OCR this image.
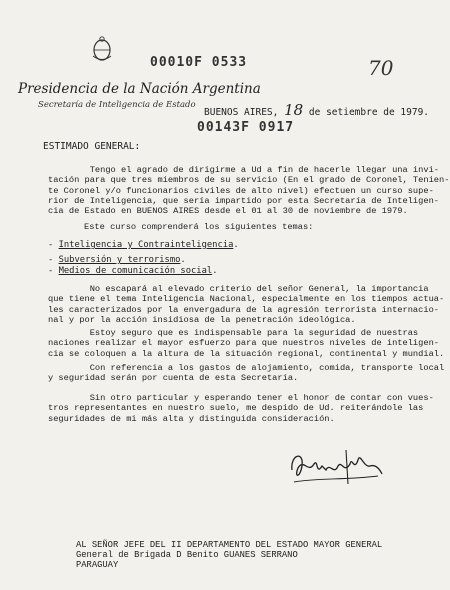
00010F 0533	70
Presidencia de la Nación Argentina
Secretaría de Inteligencia de Estado
BUENOS AIRES, 18 de setiembre de 1979.
00143F 0917
ESTIMADO GENERAL:
Tengo el agrado de dirigirme a Ud a fin de hacerle llegar una invi-
tación para que tres miembros de su servicio (En el grado de Coronel, Tenien-
te Coronel y/o funcionarios civiles de alto nivel) efectuen un curso supe-
rior de Inteligencia, que sería impartido por esta Secretaría de Inteligen-
cia de Estado en BUENOS AIRES desde el 01 al 30 de noviembre de 1979.
Este curso comprenderá los siguientes temas:
- Inteligencia y Contrainteligencia.
- Subversión y terrorismo.
- Medios de comunicación social.
No escapará al elevado criterio del señor General, la importancia
que tiene el tema Inteligencia Nacional, especialmente en los tiempos actua-
les caracterizados por la envergadura de la agresión terrorista internacio-
nal y por la acción insidiosa de la penetración ideológica.
Estoy seguro que es indispensable para la seguridad de nuestras
naciones realizar el mayor esfuerzo para que nuestros niveles de inteligen-
cia se coloquen a la altura de la situación regional, continental y mundial.
Con referencia a los gastos de alojamiento, comida, transporte local
y seguridad serán por cuenta de esta Secretaría.
Sin otro particular y esperando tener el honor de contar con vues-
tros representantes en nuestro suelo, me despido de Ud. reiterándole las
seguridades de mi más alta y distinguida consideración.
AL SEÑOR JEFE DEL II DEPARTAMENTO DEL ESTADO MAYOR GENERAL
General de Brigada D Benito GUANES SERRANO
PARAGUAY
